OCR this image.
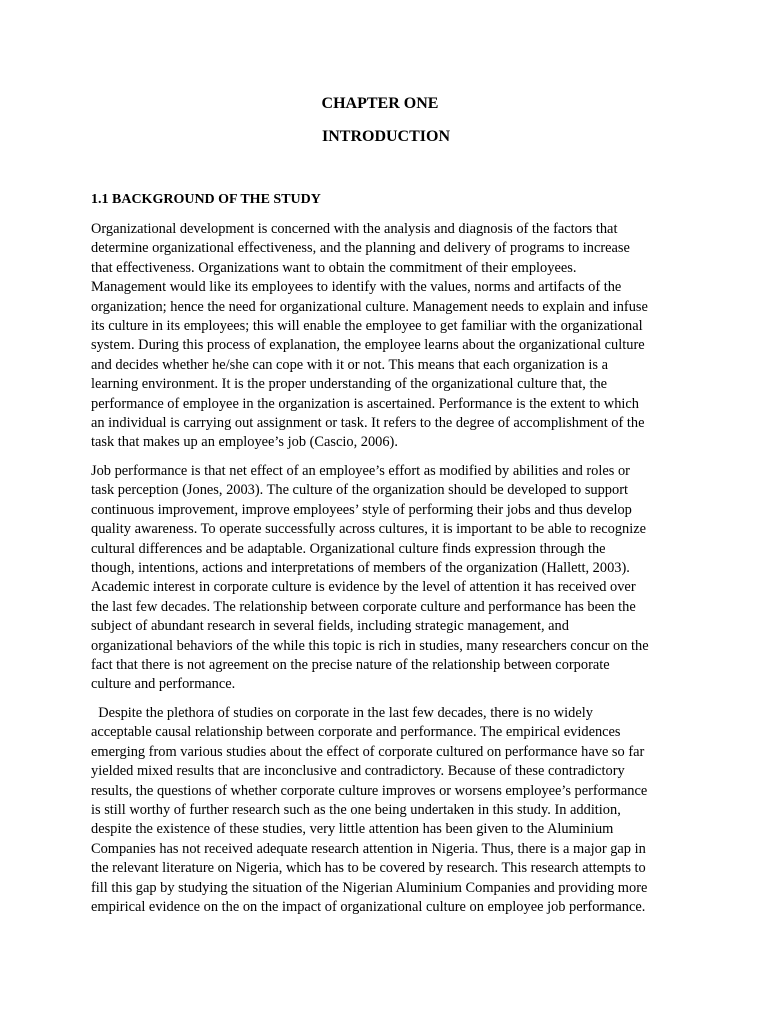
CHAPTER ONE
INTRODUCTION
1.1 BACKGROUND OF THE STUDY

Organizational development is concerned with the analysis and diagnosis of the factors that
determine organizational effectiveness, and the planning and delivery of programs to increase
that effectiveness. Organizations want to obtain the commitment of their employees.
Management would like its employees to identify with the values, norms and artifacts of the
organization; hence the need for organizational culture. Management needs to explain and infuse
its culture in its employees; this will enable the employee to get familiar with the organizational
system. During this process of explanation, the employee learns about the organizational culture
and decides whether he/she can cope with it or not. This means that each organization is a
learning environment. It is the proper understanding of the organizational culture that, the
performance of employee in the organization is ascertained. Performance is the extent to which
an individual is carrying out assignment or task. It refers to the degree of accomplishment of the
task that makes up an employee’s job (Cascio, 2006).

Job performance is that net effect of an employee’s effort as modified by abilities and roles or
task perception (Jones, 2003). The culture of the organization should be developed to support
continuous improvement, improve employees’ style of performing their jobs and thus develop
quality awareness. To operate successfully across cultures, it is important to be able to recognize
cultural differences and be adaptable. Organizational culture finds expression through the
though, intentions, actions and interpretations of members of the organization (Hallett, 2003).
Academic interest in corporate culture is evidence by the level of attention it has received over
the last few decades. The relationship between corporate culture and performance has been the
subject of abundant research in several fields, including strategic management, and
organizational behaviors of the while this topic is rich in studies, many researchers concur on the
fact that there is not agreement on the precise nature of the relationship between corporate
culture and performance.

Despite the plethora of studies on corporate in the last few decades, there is no widely
acceptable causal relationship between corporate and performance. The empirical evidences
emerging from various studies about the effect of corporate cultured on performance have so far
yielded mixed results that are inconclusive and contradictory. Because of these contradictory
results, the questions of whether corporate culture improves or worsens employee’s performance
is still worthy of further research such as the one being undertaken in this study. In addition,
despite the existence of these studies, very little attention has been given to the Aluminium
Companies has not received adequate research attention in Nigeria. Thus, there is a major gap in
the relevant literature on Nigeria, which has to be covered by research. This research attempts to
fill this gap by studying the situation of the Nigerian Aluminium Companies and providing more
empirical evidence on the on the impact of organizational culture on employee job performance.
